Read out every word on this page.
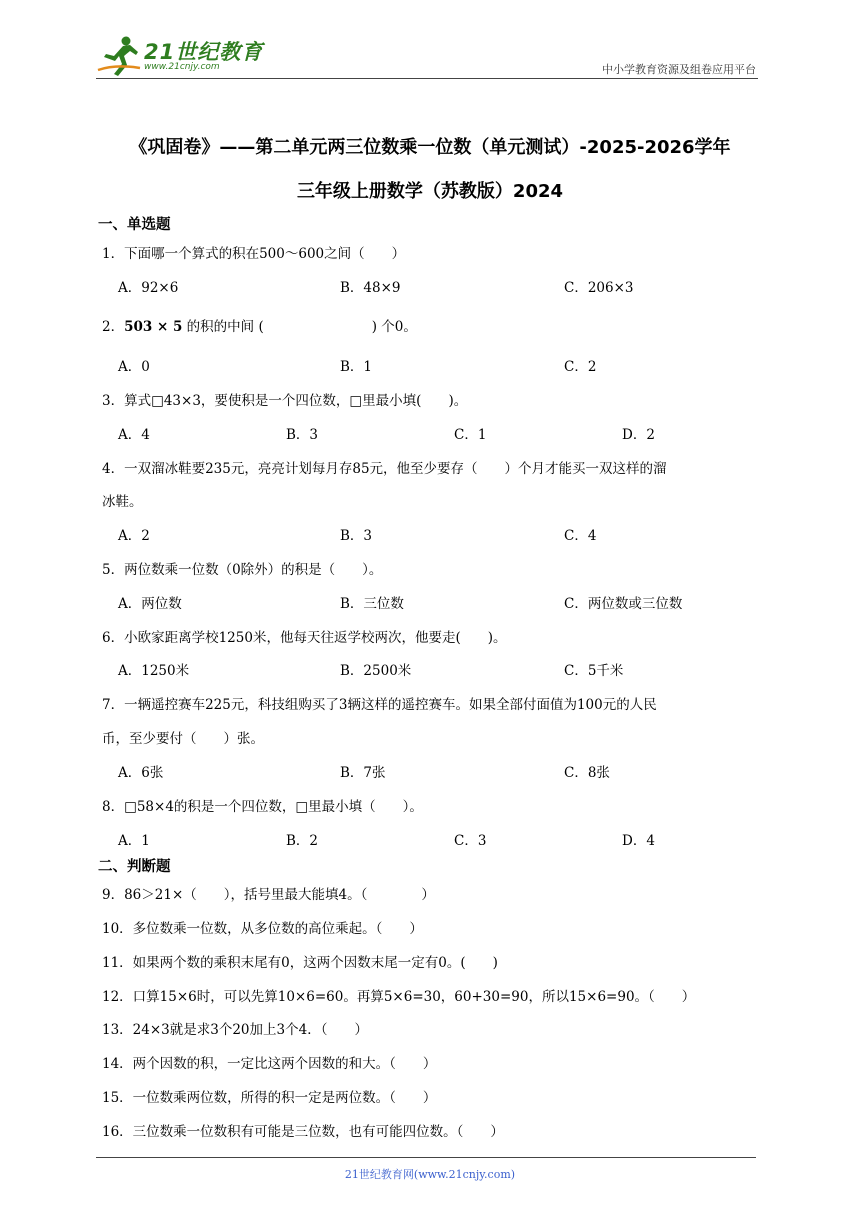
21世纪教育
www.21cnjy.com	中小学教育资源及组卷应用平台
《巩固卷》——第二单元两三位数乘一位数（单元测试）-2025-2026学年
三年级上册数学（苏教版）2024
一、单选题
1．下面哪一个算式的积在500～600之间（　　）
A．92×6	B．48×9	C．206×3
2．503 × 5 的积的中间 (　　　　　　　　) 个0。
A．0	B．1	C．2
3．算式□43×3，要使积是一个四位数，□里最小填(　　)。
A．4	B．3	C．1	D．2
4．一双溜冰鞋要235元，亮亮计划每月存85元，他至少要存（　　）个月才能买一双这样的溜
冰鞋。
A．2	B．3	C．4
5．两位数乘一位数（0除外）的积是（　　）。
A．两位数	B．三位数	C．两位数或三位数
6．小欧家距离学校1250米，他每天往返学校两次，他要走(　　)。
A．1250米	B．2500米	C．5千米
7．一辆遥控赛车225元，科技组购买了3辆这样的遥控赛车。如果全部付面值为100元的人民
币，至少要付（　　）张。
A．6张	B．7张	C．8张
8．□58×4的积是一个四位数，□里最小填（　　）。
A．1	B．2	C．3	D．4
二、判断题
9．86＞21×（　　），括号里最大能填4。（　　　　）
10．多位数乘一位数，从多位数的高位乘起。（　　）
11．如果两个数的乘积末尾有0，这两个因数末尾一定有0。(　　)
12．口算15×6时，可以先算10×6=60。再算5×6=30，60+30=90，所以15×6=90。（　　）
13．24×3就是求3个20加上3个4．（　　）
14．两个因数的积，一定比这两个因数的和大。（　　）
15．一位数乘两位数，所得的积一定是两位数。（　　）
16．三位数乘一位数积有可能是三位数，也有可能四位数。（　　）
21世纪教育网(www.21cnjy.com)
